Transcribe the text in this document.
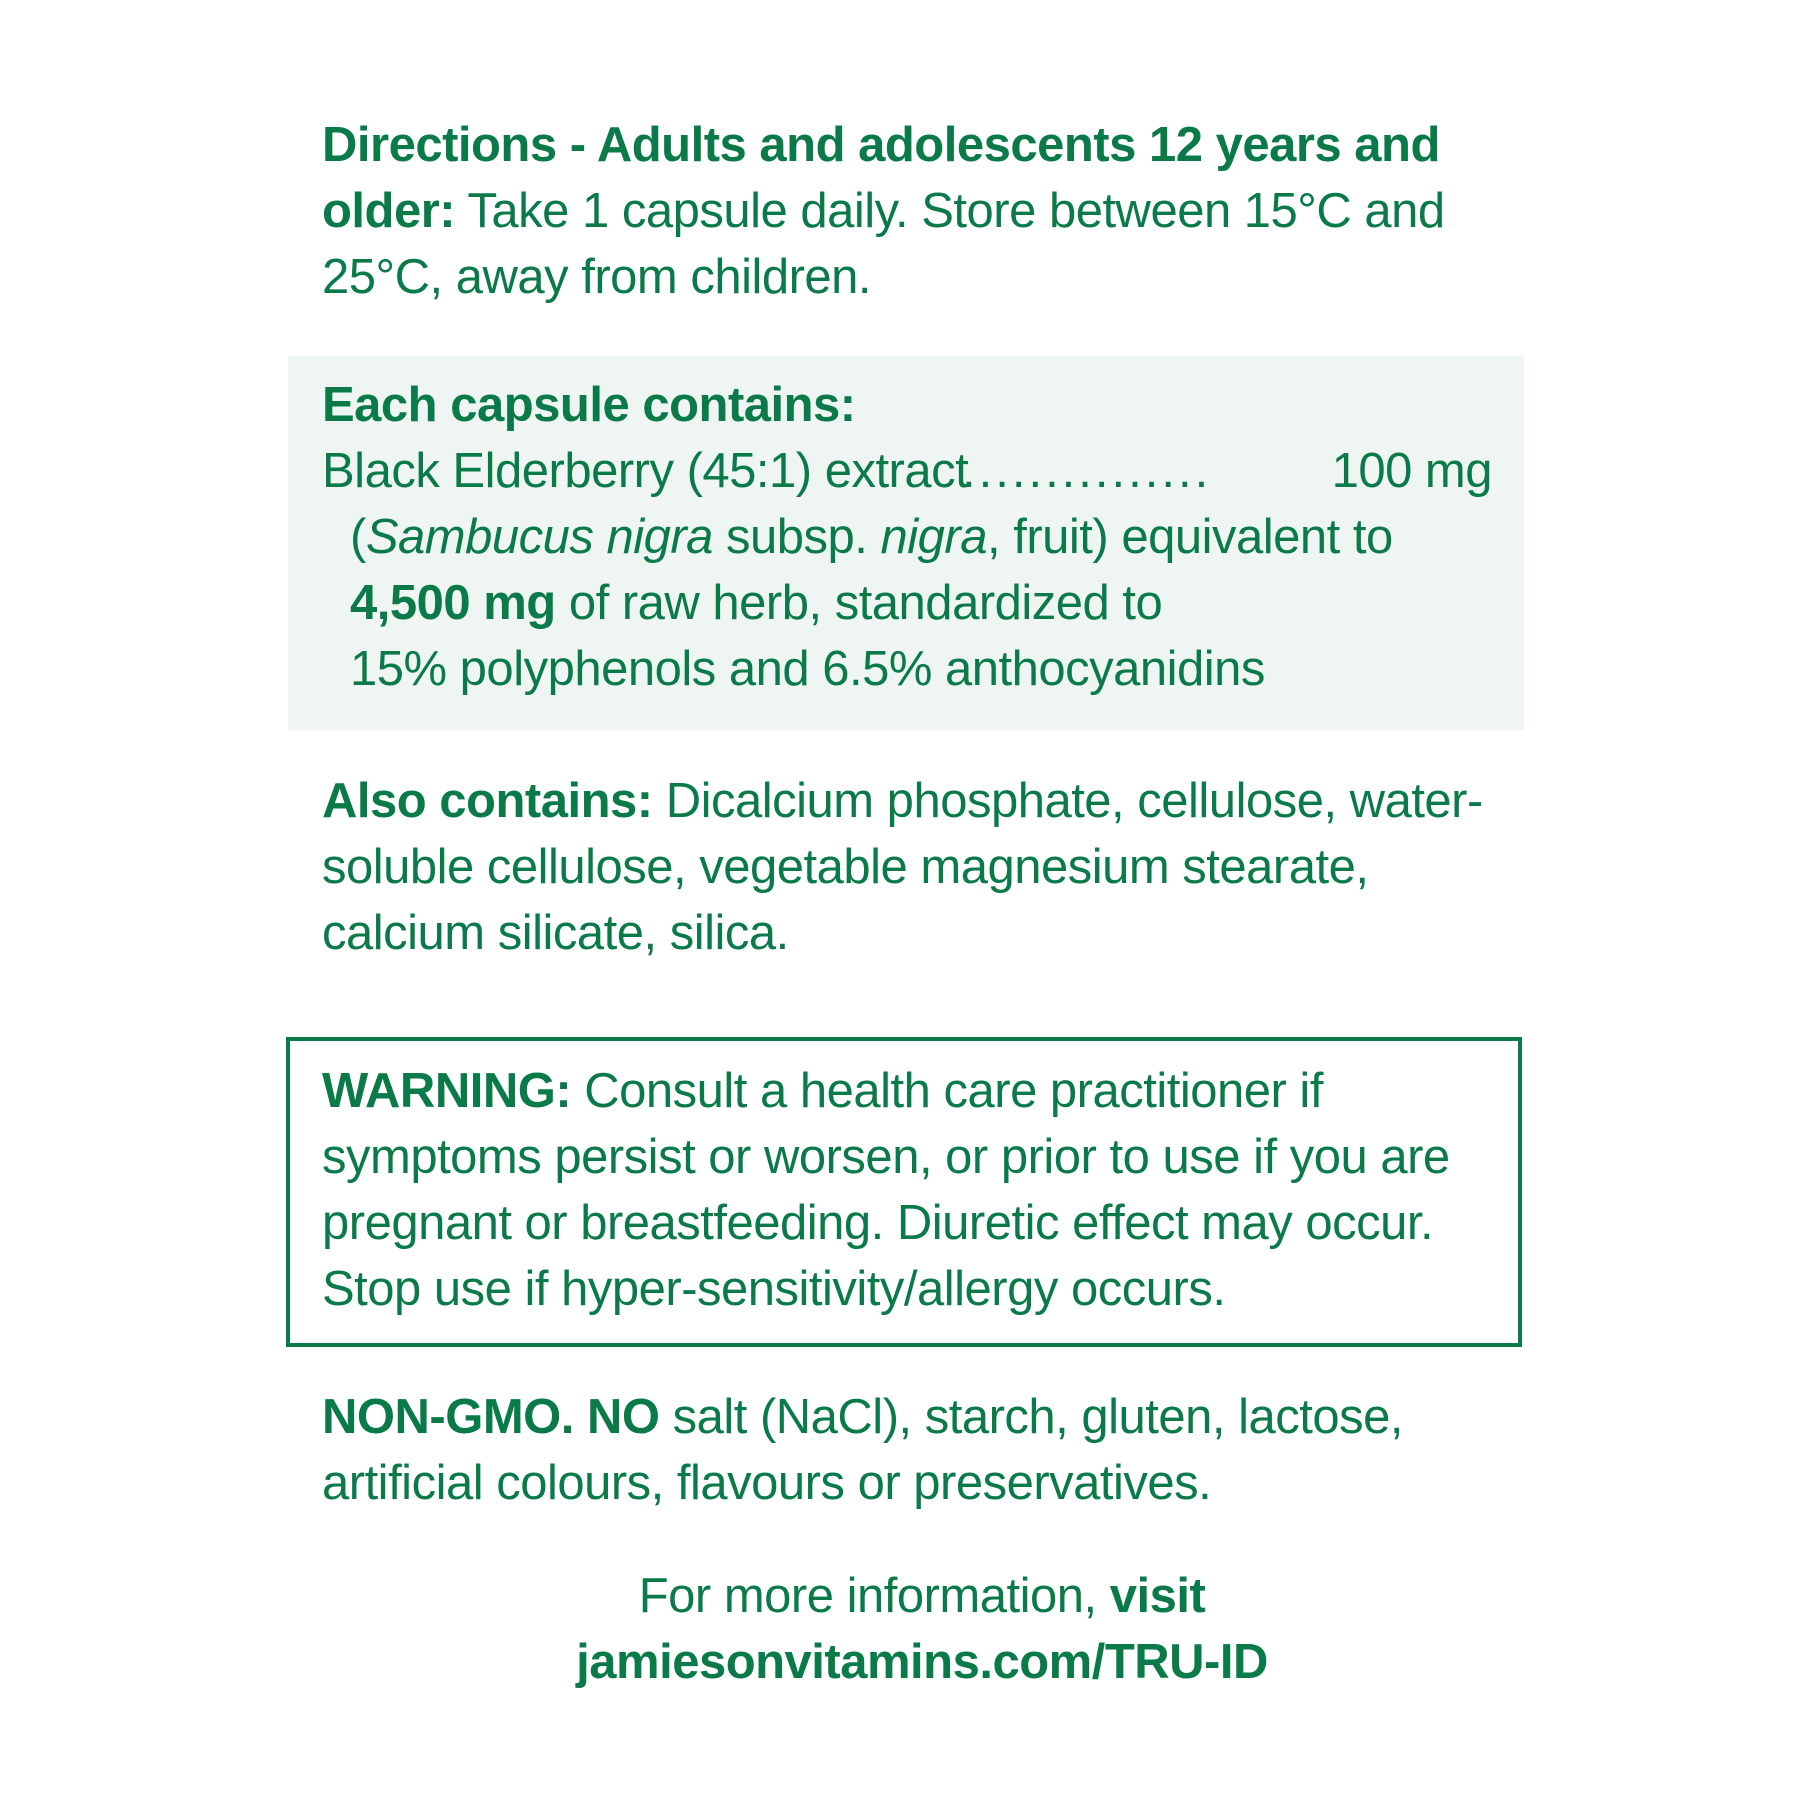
Directions - Adults and adolescents 12 years and older: Take 1 capsule daily. Store between 15°C and 25°C, away from children.
Each capsule contains:
Black Elderberry (45:1) extract
............... 100 mg
(Sambucus nigra subsp. nigra, fruit) equivalent to
4,500 mg of raw herb, standardized to
15% polyphenols and 6.5% anthocyanidins
Also contains: Dicalcium phosphate, cellulose, water-soluble cellulose, vegetable magnesium stearate, calcium silicate, silica.
WARNING: Consult a health care practitioner if symptoms persist or worsen, or prior to use if you are pregnant or breastfeeding. Diuretic effect may occur. Stop use if hyper-sensitivity/allergy occurs.
NON-GMO. NO salt (NaCl), starch, gluten, lactose, artificial colours, flavours or preservatives.
For more information, visit
jamiesonvitamins.com/TRU-ID
